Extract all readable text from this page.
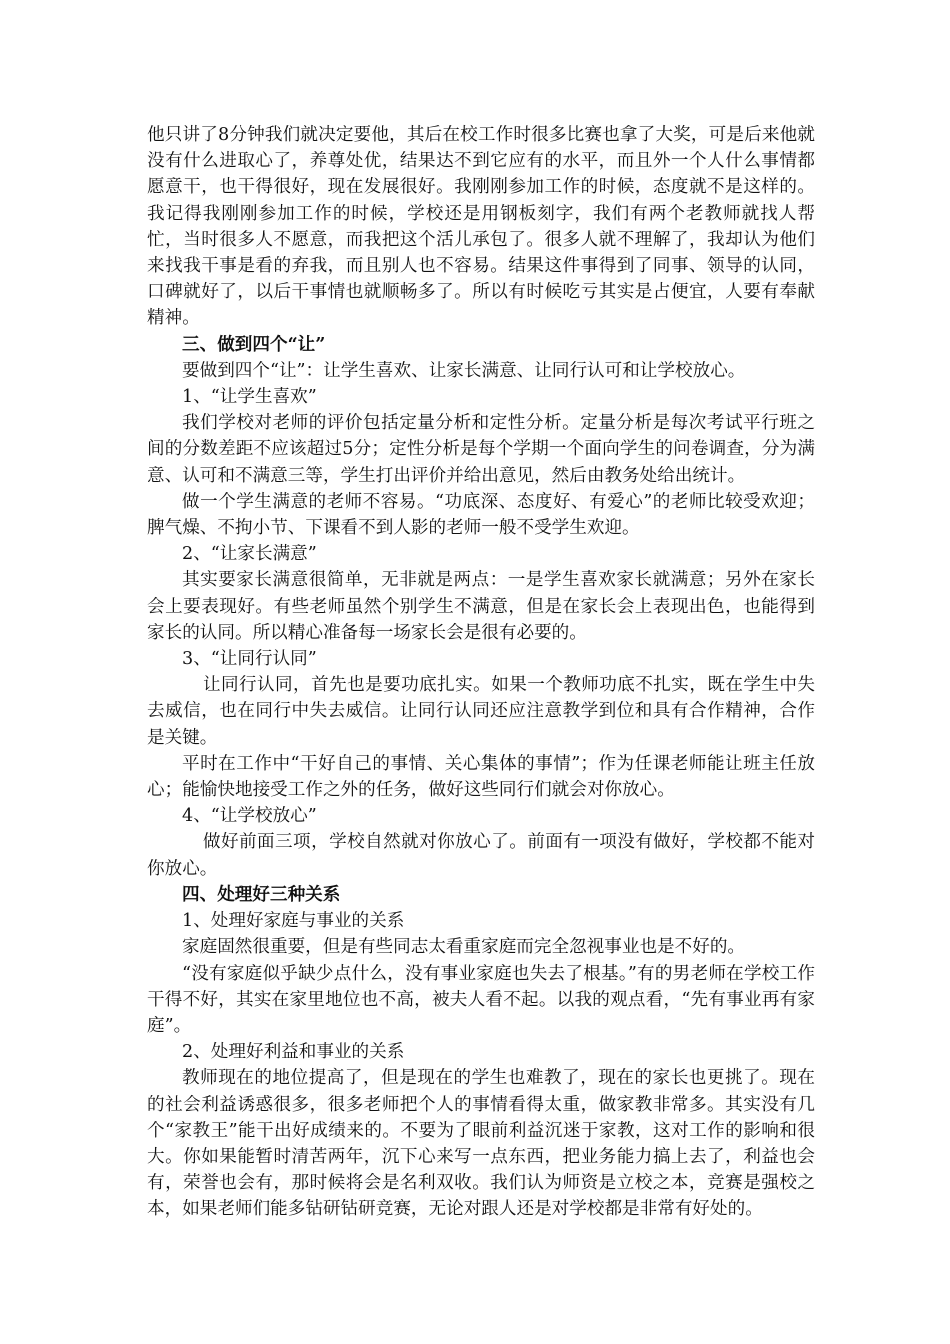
他只讲了8分钟我们就决定要他，其后在校工作时很多比赛也拿了大奖，可是后来他就没有什么进取心了，养尊处优，结果达不到它应有的水平，而且外一个人什么事情都愿意干，也干得很好，现在发展很好。我刚刚参加工作的时候，态度就不是这样的。我记得我刚刚参加工作的时候，学校还是用钢板刻字，我们有两个老教师就找人帮忙，当时很多人不愿意，而我把这个活儿承包了。很多人就不理解了，我却认为他们来找我干事是看的弃我，而且别人也不容易。结果这件事得到了同事、领导的认同，口碑就好了，以后干事情也就顺畅多了。所以有时候吃亏其实是占便宜，人要有奉献精神。

三、做到四个“让”

要做到四个“让”：让学生喜欢、让家长满意、让同行认可和让学校放心。

1、“让学生喜欢”

我们学校对老师的评价包括定量分析和定性分析。定量分析是每次考试平行班之间的分数差距不应该超过5分；定性分析是每个学期一个面向学生的问卷调查，分为满意、认可和不满意三等，学生打出评价并给出意见，然后由教务处给出统计。

做一个学生满意的老师不容易。“功底深、态度好、有爱心”的老师比较受欢迎；脾气燥、不拘小节、下课看不到人影的老师一般不受学生欢迎。

2、“让家长满意”

其实要家长满意很简单，无非就是两点：一是学生喜欢家长就满意；另外在家长会上要表现好。有些老师虽然个别学生不满意，但是在家长会上表现出色，也能得到家长的认同。所以精心准备每一场家长会是很有必要的。

3、“让同行认同”

让同行认同，首先也是要功底扎实。如果一个教师功底不扎实，既在学生中失去威信，也在同行中失去威信。让同行认同还应注意教学到位和具有合作精神，合作是关键。

平时在工作中“干好自己的事情、关心集体的事情”；作为任课老师能让班主任放心；能愉快地接受工作之外的任务，做好这些同行们就会对你放心。

4、“让学校放心”

做好前面三项，学校自然就对你放心了。前面有一项没有做好，学校都不能对你放心。

四、处理好三种关系

1、处理好家庭与事业的关系

家庭固然很重要，但是有些同志太看重家庭而完全忽视事业也是不好的。

“没有家庭似乎缺少点什么，没有事业家庭也失去了根基。”有的男老师在学校工作干得不好，其实在家里地位也不高，被夫人看不起。以我的观点看，“先有事业再有家庭”。

2、处理好利益和事业的关系

教师现在的地位提高了，但是现在的学生也难教了，现在的家长也更挑了。现在的社会利益诱惑很多，很多老师把个人的事情看得太重，做家教非常多。其实没有几个“家教王”能干出好成绩来的。不要为了眼前利益沉迷于家教，这对工作的影响和很大。你如果能暂时清苦两年，沉下心来写一点东西，把业务能力搞上去了，利益也会有，荣誉也会有，那时候将会是名利双收。我们认为师资是立校之本，竞赛是强校之本，如果老师们能多钻研钻研竞赛，无论对跟人还是对学校都是非常有好处的。
